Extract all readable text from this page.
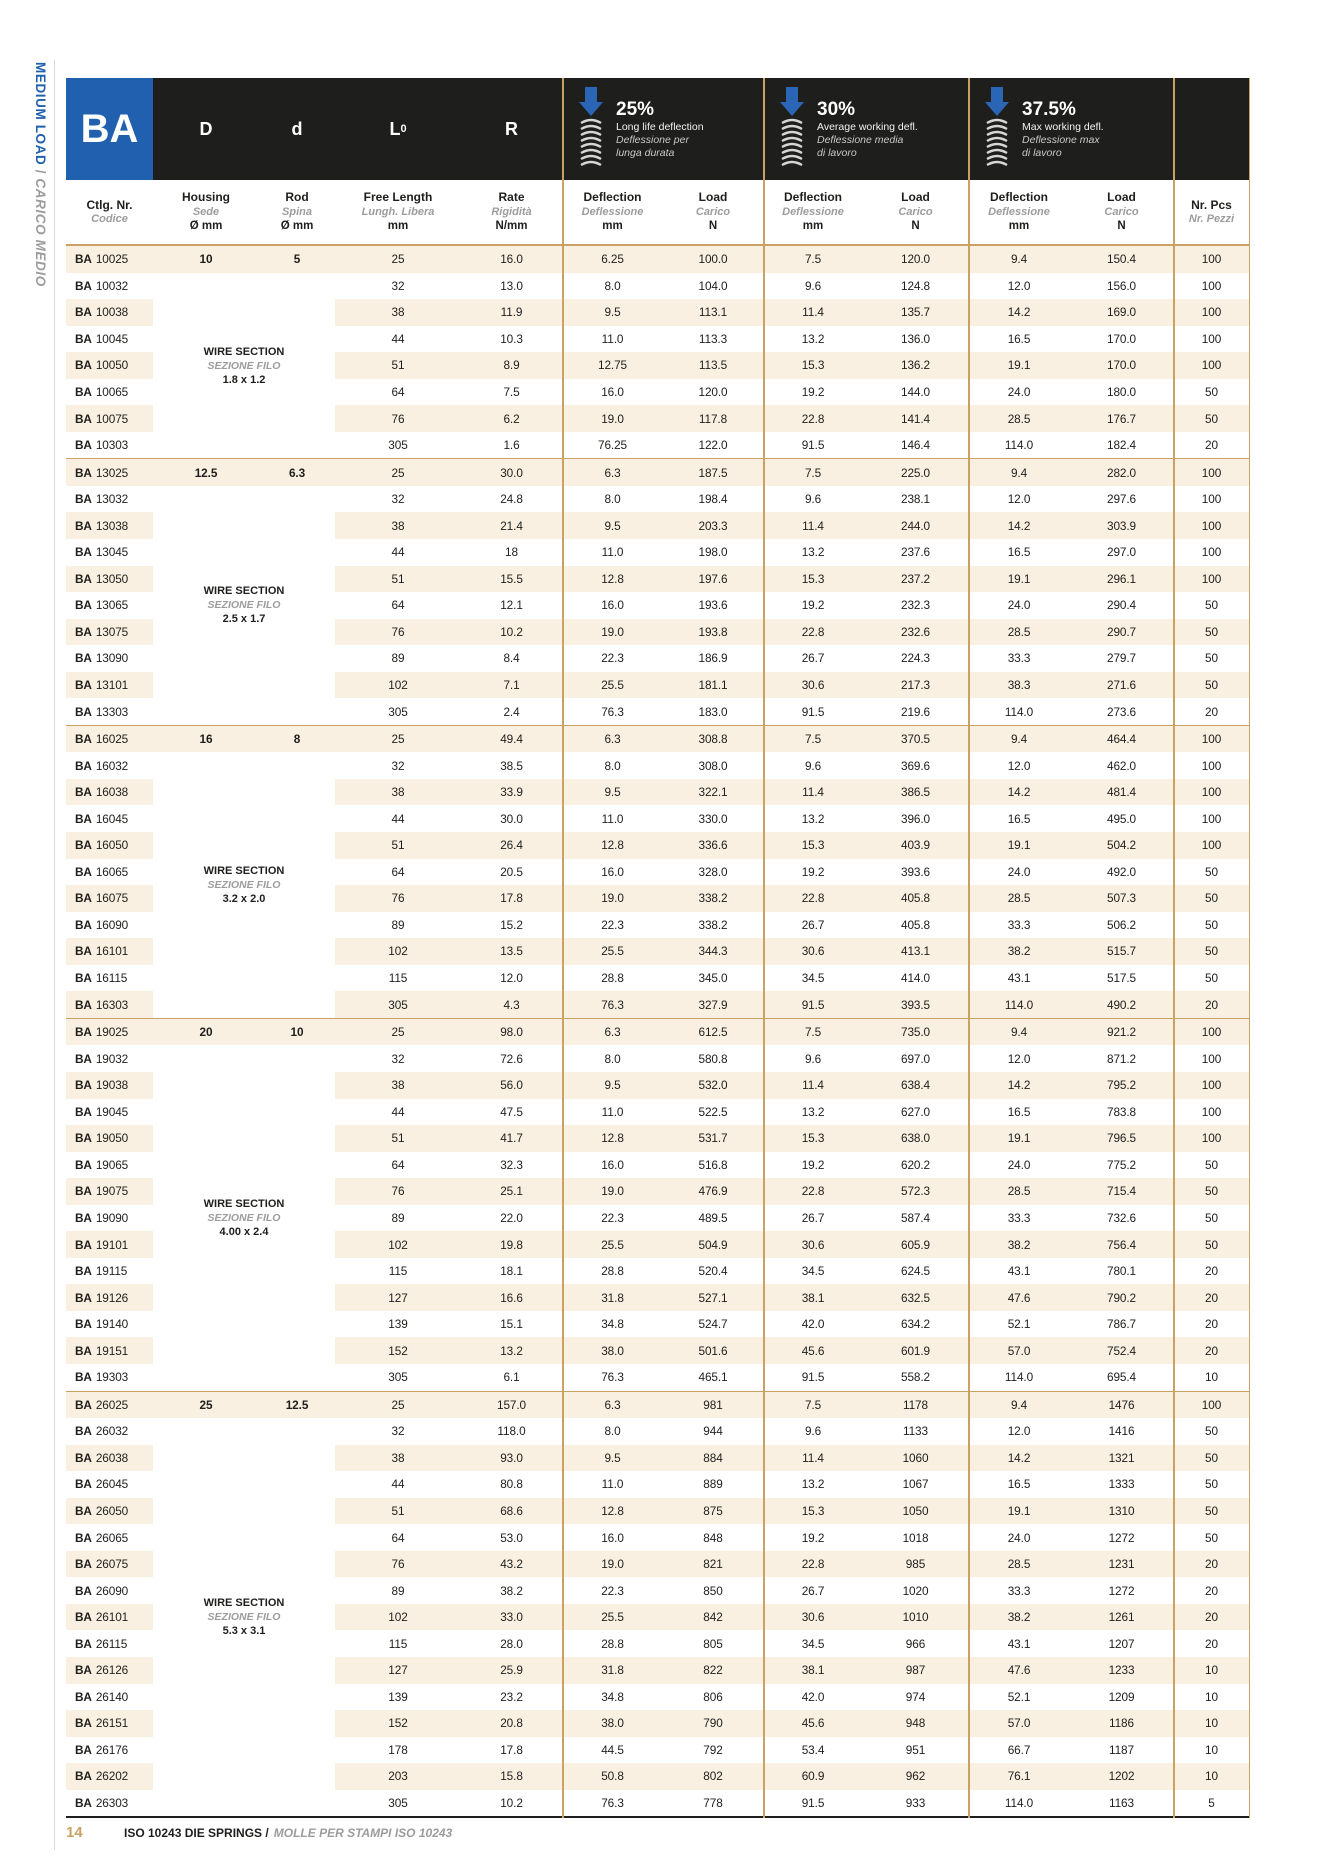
MEDIUM LOAD / CARICO MEDIO
BA	D	d	L 0	R
25%
Long life deflection
Deflessione per
lunga durata
30%
Average working defl.
Deflessione media
di lavoro
37.5%
Max working defl.
Deflessione max
di lavoro
Ctlg. Nr.
Codice
Housing
Sede
Ø mm
Rod
Spina
Ø mm
Free Length
Lungh. Libera
mm
Rate
Rigidità
N/mm
Deflection
Deflessione
mm
Load
Carico
N
Deflection
Deflessione
mm
Load
Carico
N
Deflection
Deflessione
mm
Load
Carico
N
Nr. Pcs
Nr. Pezzi
BA 10025	10	5	25	16.0	6.25	100.0	7.5	120.0	9.4	150.4	100
BA 10032	32	13.0	8.0	104.0	9.6	124.8	12.0	156.0	100
BA 10038	38	11.9	9.5	113.1	11.4	135.7	14.2	169.0	100
BA 10045	44	10.3	11.0	113.3	13.2	136.0	16.5	170.0	100
BA 10050	51	8.9	12.75	113.5	15.3	136.2	19.1	170.0	100
BA 10065	64	7.5	16.0	120.0	19.2	144.0	24.0	180.0	50
BA 10075	76	6.2	19.0	117.8	22.8	141.4	28.5	176.7	50
BA 10303	305	1.6	76.25	122.0	91.5	146.4	114.0	182.4	20
WIRE SECTION
SEZIONE FILO
1.8 x 1.2
BA 13025	12.5	6.3	25	30.0	6.3	187.5	7.5	225.0	9.4	282.0	100
BA 13032	32	24.8	8.0	198.4	9.6	238.1	12.0	297.6	100
BA 13038	38	21.4	9.5	203.3	11.4	244.0	14.2	303.9	100
BA 13045	44	18	11.0	198.0	13.2	237.6	16.5	297.0	100
BA 13050	51	15.5	12.8	197.6	15.3	237.2	19.1	296.1	100
BA 13065	64	12.1	16.0	193.6	19.2	232.3	24.0	290.4	50
BA 13075	76	10.2	19.0	193.8	22.8	232.6	28.5	290.7	50
BA 13090	89	8.4	22.3	186.9	26.7	224.3	33.3	279.7	50
BA 13101	102	7.1	25.5	181.1	30.6	217.3	38.3	271.6	50
BA 13303	305	2.4	76.3	183.0	91.5	219.6	114.0	273.6	20
WIRE SECTION
SEZIONE FILO
2.5 x 1.7
BA 16025	16	8	25	49.4	6.3	308.8	7.5	370.5	9.4	464.4	100
BA 16032	32	38.5	8.0	308.0	9.6	369.6	12.0	462.0	100
BA 16038	38	33.9	9.5	322.1	11.4	386.5	14.2	481.4	100
BA 16045	44	30.0	11.0	330.0	13.2	396.0	16.5	495.0	100
BA 16050	51	26.4	12.8	336.6	15.3	403.9	19.1	504.2	100
BA 16065	64	20.5	16.0	328.0	19.2	393.6	24.0	492.0	50
BA 16075	76	17.8	19.0	338.2	22.8	405.8	28.5	507.3	50
BA 16090	89	15.2	22.3	338.2	26.7	405.8	33.3	506.2	50
BA 16101	102	13.5	25.5	344.3	30.6	413.1	38.2	515.7	50
BA 16115	115	12.0	28.8	345.0	34.5	414.0	43.1	517.5	50
BA 16303	305	4.3	76.3	327.9	91.5	393.5	114.0	490.2	20
WIRE SECTION
SEZIONE FILO
3.2 x 2.0
BA 19025	20	10	25	98.0	6.3	612.5	7.5	735.0	9.4	921.2	100
BA 19032	32	72.6	8.0	580.8	9.6	697.0	12.0	871.2	100
BA 19038	38	56.0	9.5	532.0	11.4	638.4	14.2	795.2	100
BA 19045	44	47.5	11.0	522.5	13.2	627.0	16.5	783.8	100
BA 19050	51	41.7	12.8	531.7	15.3	638.0	19.1	796.5	100
BA 19065	64	32.3	16.0	516.8	19.2	620.2	24.0	775.2	50
BA 19075	76	25.1	19.0	476.9	22.8	572.3	28.5	715.4	50
BA 19090	89	22.0	22.3	489.5	26.7	587.4	33.3	732.6	50
BA 19101	102	19.8	25.5	504.9	30.6	605.9	38.2	756.4	50
BA 19115	115	18.1	28.8	520.4	34.5	624.5	43.1	780.1	20
BA 19126	127	16.6	31.8	527.1	38.1	632.5	47.6	790.2	20
BA 19140	139	15.1	34.8	524.7	42.0	634.2	52.1	786.7	20
BA 19151	152	13.2	38.0	501.6	45.6	601.9	57.0	752.4	20
BA 19303	305	6.1	76.3	465.1	91.5	558.2	114.0	695.4	10
WIRE SECTION
SEZIONE FILO
4.00 x 2.4
BA 26025	25	12.5	25	157.0	6.3	981	7.5	1178	9.4	1476	100
BA 26032	32	118.0	8.0	944	9.6	1133	12.0	1416	50
BA 26038	38	93.0	9.5	884	11.4	1060	14.2	1321	50
BA 26045	44	80.8	11.0	889	13.2	1067	16.5	1333	50
BA 26050	51	68.6	12.8	875	15.3	1050	19.1	1310	50
BA 26065	64	53.0	16.0	848	19.2	1018	24.0	1272	50
BA 26075	76	43.2	19.0	821	22.8	985	28.5	1231	20
BA 26090	89	38.2	22.3	850	26.7	1020	33.3	1272	20
BA 26101	102	33.0	25.5	842	30.6	1010	38.2	1261	20
BA 26115	115	28.0	28.8	805	34.5	966	43.1	1207	20
BA 26126	127	25.9	31.8	822	38.1	987	47.6	1233	10
BA 26140	139	23.2	34.8	806	42.0	974	52.1	1209	10
BA 26151	152	20.8	38.0	790	45.6	948	57.0	1186	10
BA 26176	178	17.8	44.5	792	53.4	951	66.7	1187	10
BA 26202	203	15.8	50.8	802	60.9	962	76.1	1202	10
BA 26303	305	10.2	76.3	778	91.5	933	114.0	1163	5
WIRE SECTION
SEZIONE FILO
5.3 x 3.1
14	ISO 10243 DIE SPRINGS / MOLLE PER STAMPI ISO 10243
